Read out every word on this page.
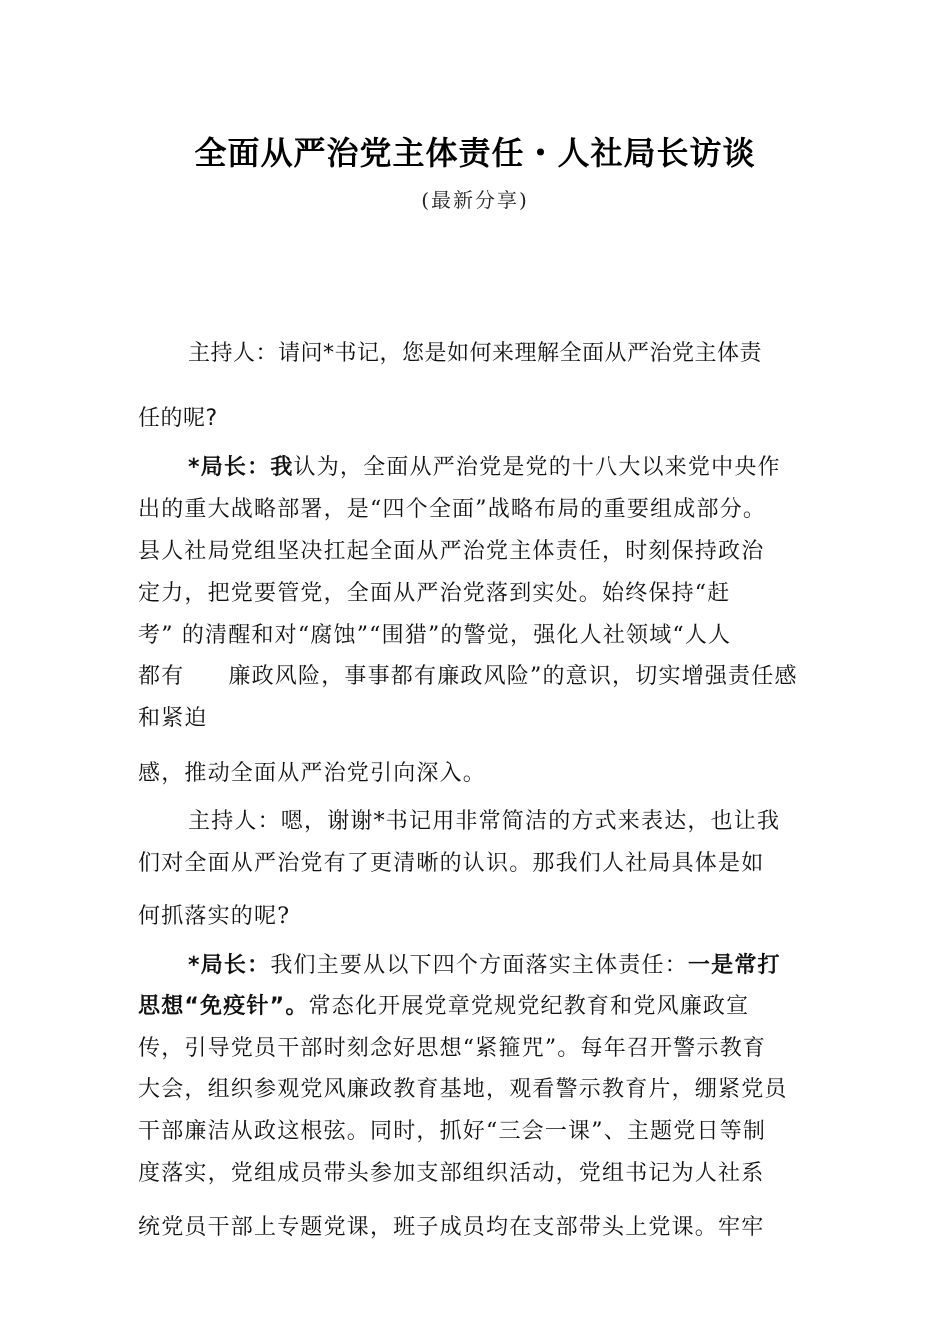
全面从严治党主体责任・人社局长访谈
(最新分享)
主持人：请问*书记，您是如何来理解全面从严治党主体责
任的呢?
*局长：我认为，全面从严治党是党的十八大以来党中央作
出的重大战略部署，是“四个全面”战略布局的重要组成部分。
县人社局党组坚决扛起全面从严治党主体责任，时刻保持政治
定力，把党要管党，全面从严治党落到实处。始终保持“赶
考” 的清醒和对“腐蚀”“围猎”的警觉，强化人社领域“人人
都有 廉政风险，事事都有廉政风险”的意识，切实增强责任感
和紧迫
感，推动全面从严治党引向深入。
主持人：嗯，谢谢*书记用非常简洁的方式来表达，也让我
们对全面从严治党有了更清晰的认识。那我们人社局具体是如
何抓落实的呢?
*局长：我们主要从以下四个方面落实主体责任：一是常打
思想“免疫针”。常态化开展党章党规党纪教育和党风廉政宣
传，引导党员干部时刻念好思想“紧箍咒”。每年召开警示教育
大会，组织参观党风廉政教育基地，观看警示教育片，绷紧党员
干部廉洁从政这根弦。同时，抓好“三会一课”、主题党日等制
度落实，党组成员带头参加支部组织活动，党组书记为人社系
统党员干部上专题党课，班子成员均在支部带头上党课。牢牢
